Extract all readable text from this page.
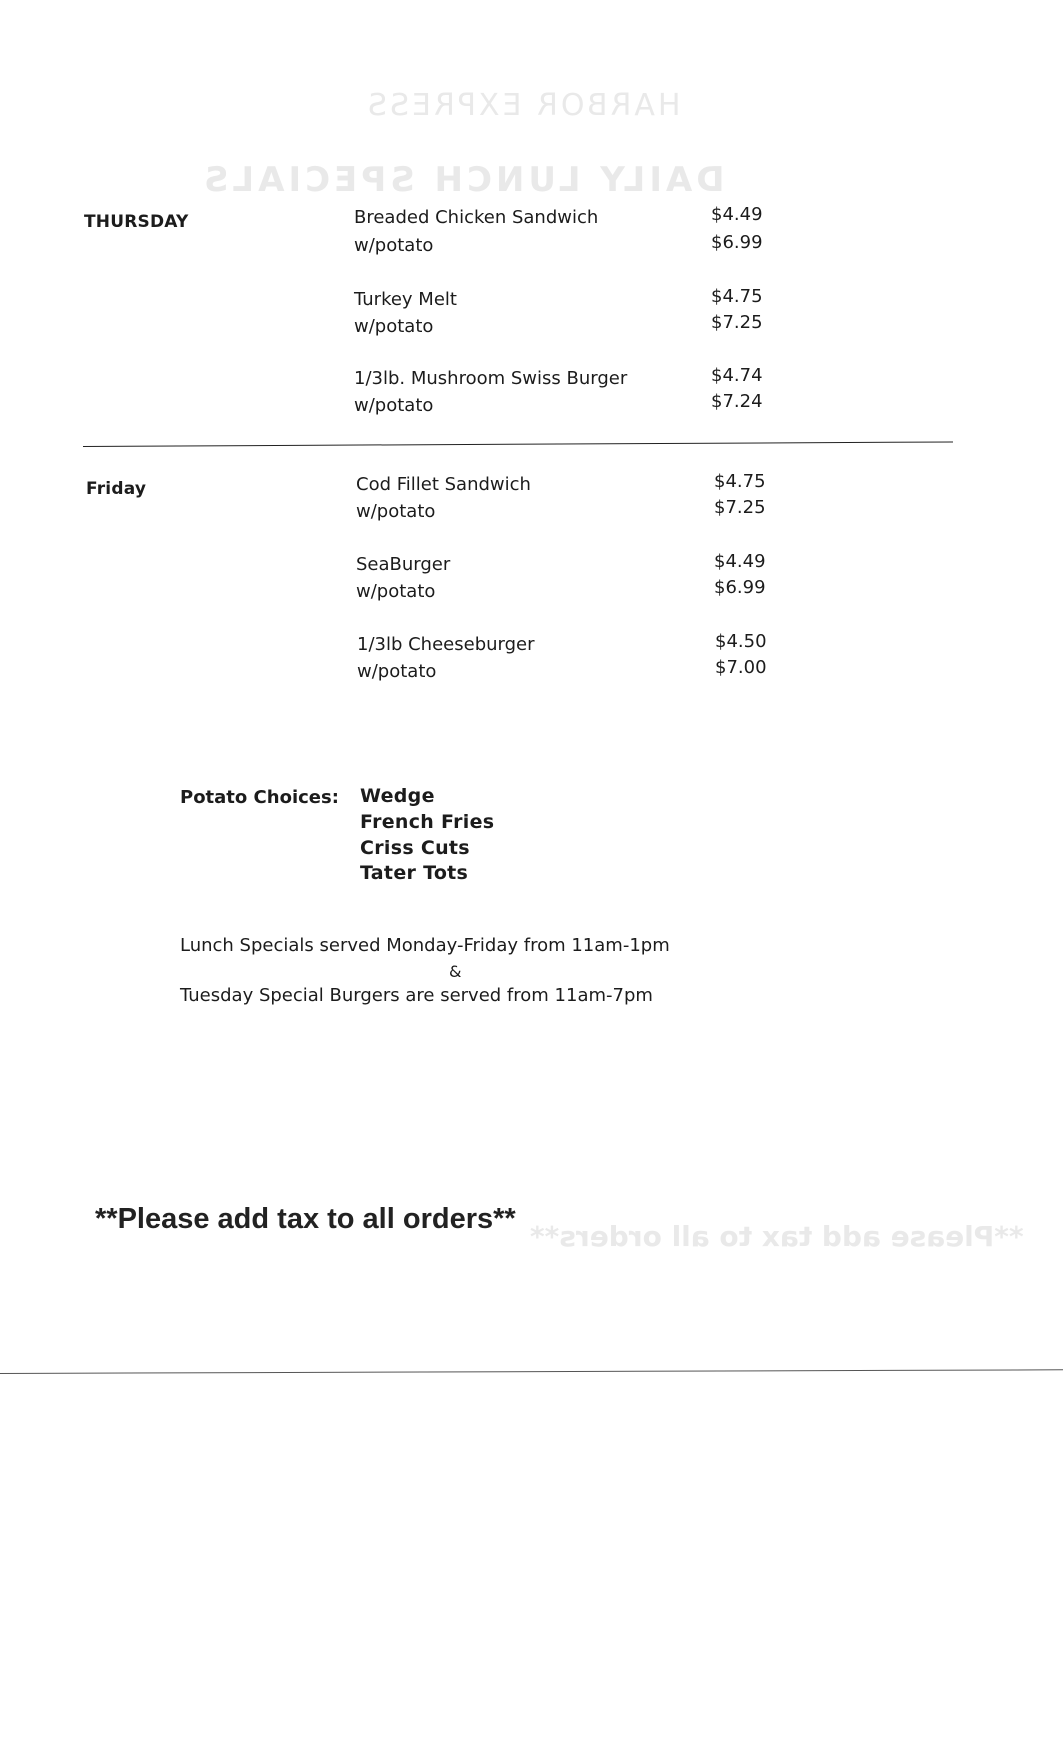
HARBOR EXPRESS
DAILY LUNCH SPECIALS
**Please add tax to all orders**
THURSDAY	Breaded Chicken Sandwich	$4.49
w/potato	$6.99
Turkey Melt	$4.75
w/potato	$7.25
1/3lb. Mushroom Swiss Burger	$4.74
w/potato	$7.24
Friday	Cod Fillet Sandwich	$4.75
w/potato	$7.25
SeaBurger	$4.49
w/potato	$6.99
1/3lb Cheeseburger	$4.50
w/potato	$7.00
Potato Choices: Wedge
French Fries
Criss Cuts
Tater Tots
Lunch Specials served Monday-Friday from 11am-1pm
&
Tuesday Special Burgers are served from 11am-7pm
**Please add tax to all orders**
